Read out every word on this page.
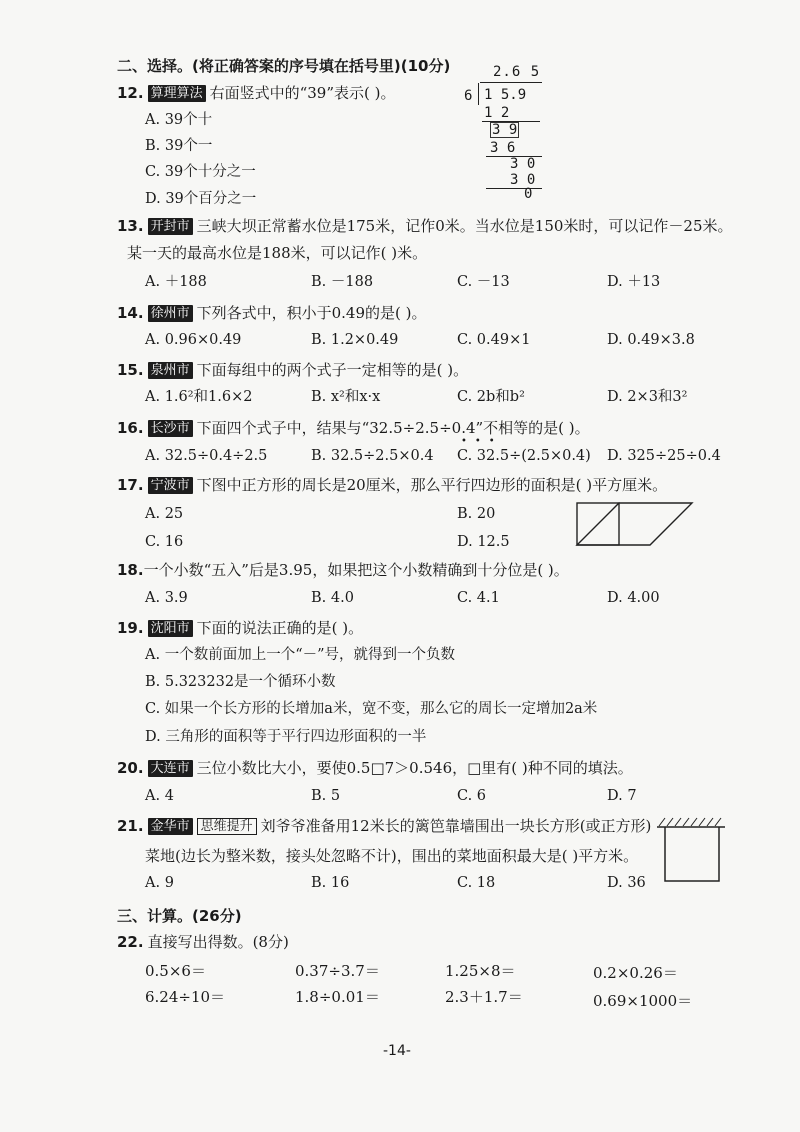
二、选择。(将正确答案的序号填在括号里)(10分)
12. 算理算法 右面竖式中的“39”表示( )。
A. 39个十
B. 39个一
C. 39个十分之一
D. 39个百分之一
2.6 5
6 1 5.9
1 2
3 9
3 6
3 0
3 0
0
13. 开封市 三峡大坝正常蓄水位是175米，记作0米。当水位是150米时，可以记作－25米。
某一天的最高水位是188米，可以记作( )米。
A. ＋188	B. －188	C. －13	D. ＋13
14. 徐州市 下列各式中，积小于0.49的是( )。
A. 0.96×0.49	B. 1.2×0.49	C. 0.49×1	D. 0.49×3.8
15. 泉州市 下面每组中的两个式子一定相等的是( )。
A. 1.6²和1.6×2	B. x²和x·x	C. 2b和b²	D. 2×3和3²
16. 长沙市 下面四个式子中，结果与“32.5÷2.5÷0.4”不相等的是( )。
•••
A. 32.5÷0.4÷2.5	B. 32.5÷2.5×0.4 C. 32.5÷(2.5×0.4) D. 325÷25÷0.4
17. 宁波市 下图中正方形的周长是20厘米，那么平行四边形的面积是( )平方厘米。
A. 25	B. 20
C. 16	D. 12.5
18.一个小数“五入”后是3.95，如果把这个小数精确到十分位是( )。
A. 3.9	B. 4.0	C. 4.1	D. 4.00
19. 沈阳市 下面的说法正确的是( )。
A. 一个数前面加上一个“－”号，就得到一个负数
B. 5.323232是一个循环小数
C. 如果一个长方形的长增加a米，宽不变，那么它的周长一定增加2a米
D. 三角形的面积等于平行四边形面积的一半
20. 大连市 三位小数比大小，要使0.5□7＞0.546，□里有( )种不同的填法。
A. 4	B. 5	C. 6	D. 7
21. 金华市 思维提升 刘爷爷准备用12米长的篱笆靠墙围出一块长方形(或正方形)
菜地(边长为整米数，接头处忽略不计)，围出的菜地面积最大是( )平方米。
A. 9	B. 16	C. 18	D. 36
三、计算。(26分)
22. 直接写出得数。(8分)
0.5×6＝	0.37÷3.7＝	1.25×8＝	0.2×0.26＝
6.24÷10＝	1.8÷0.01＝	2.3＋1.7＝	0.69×1000＝
-14-
